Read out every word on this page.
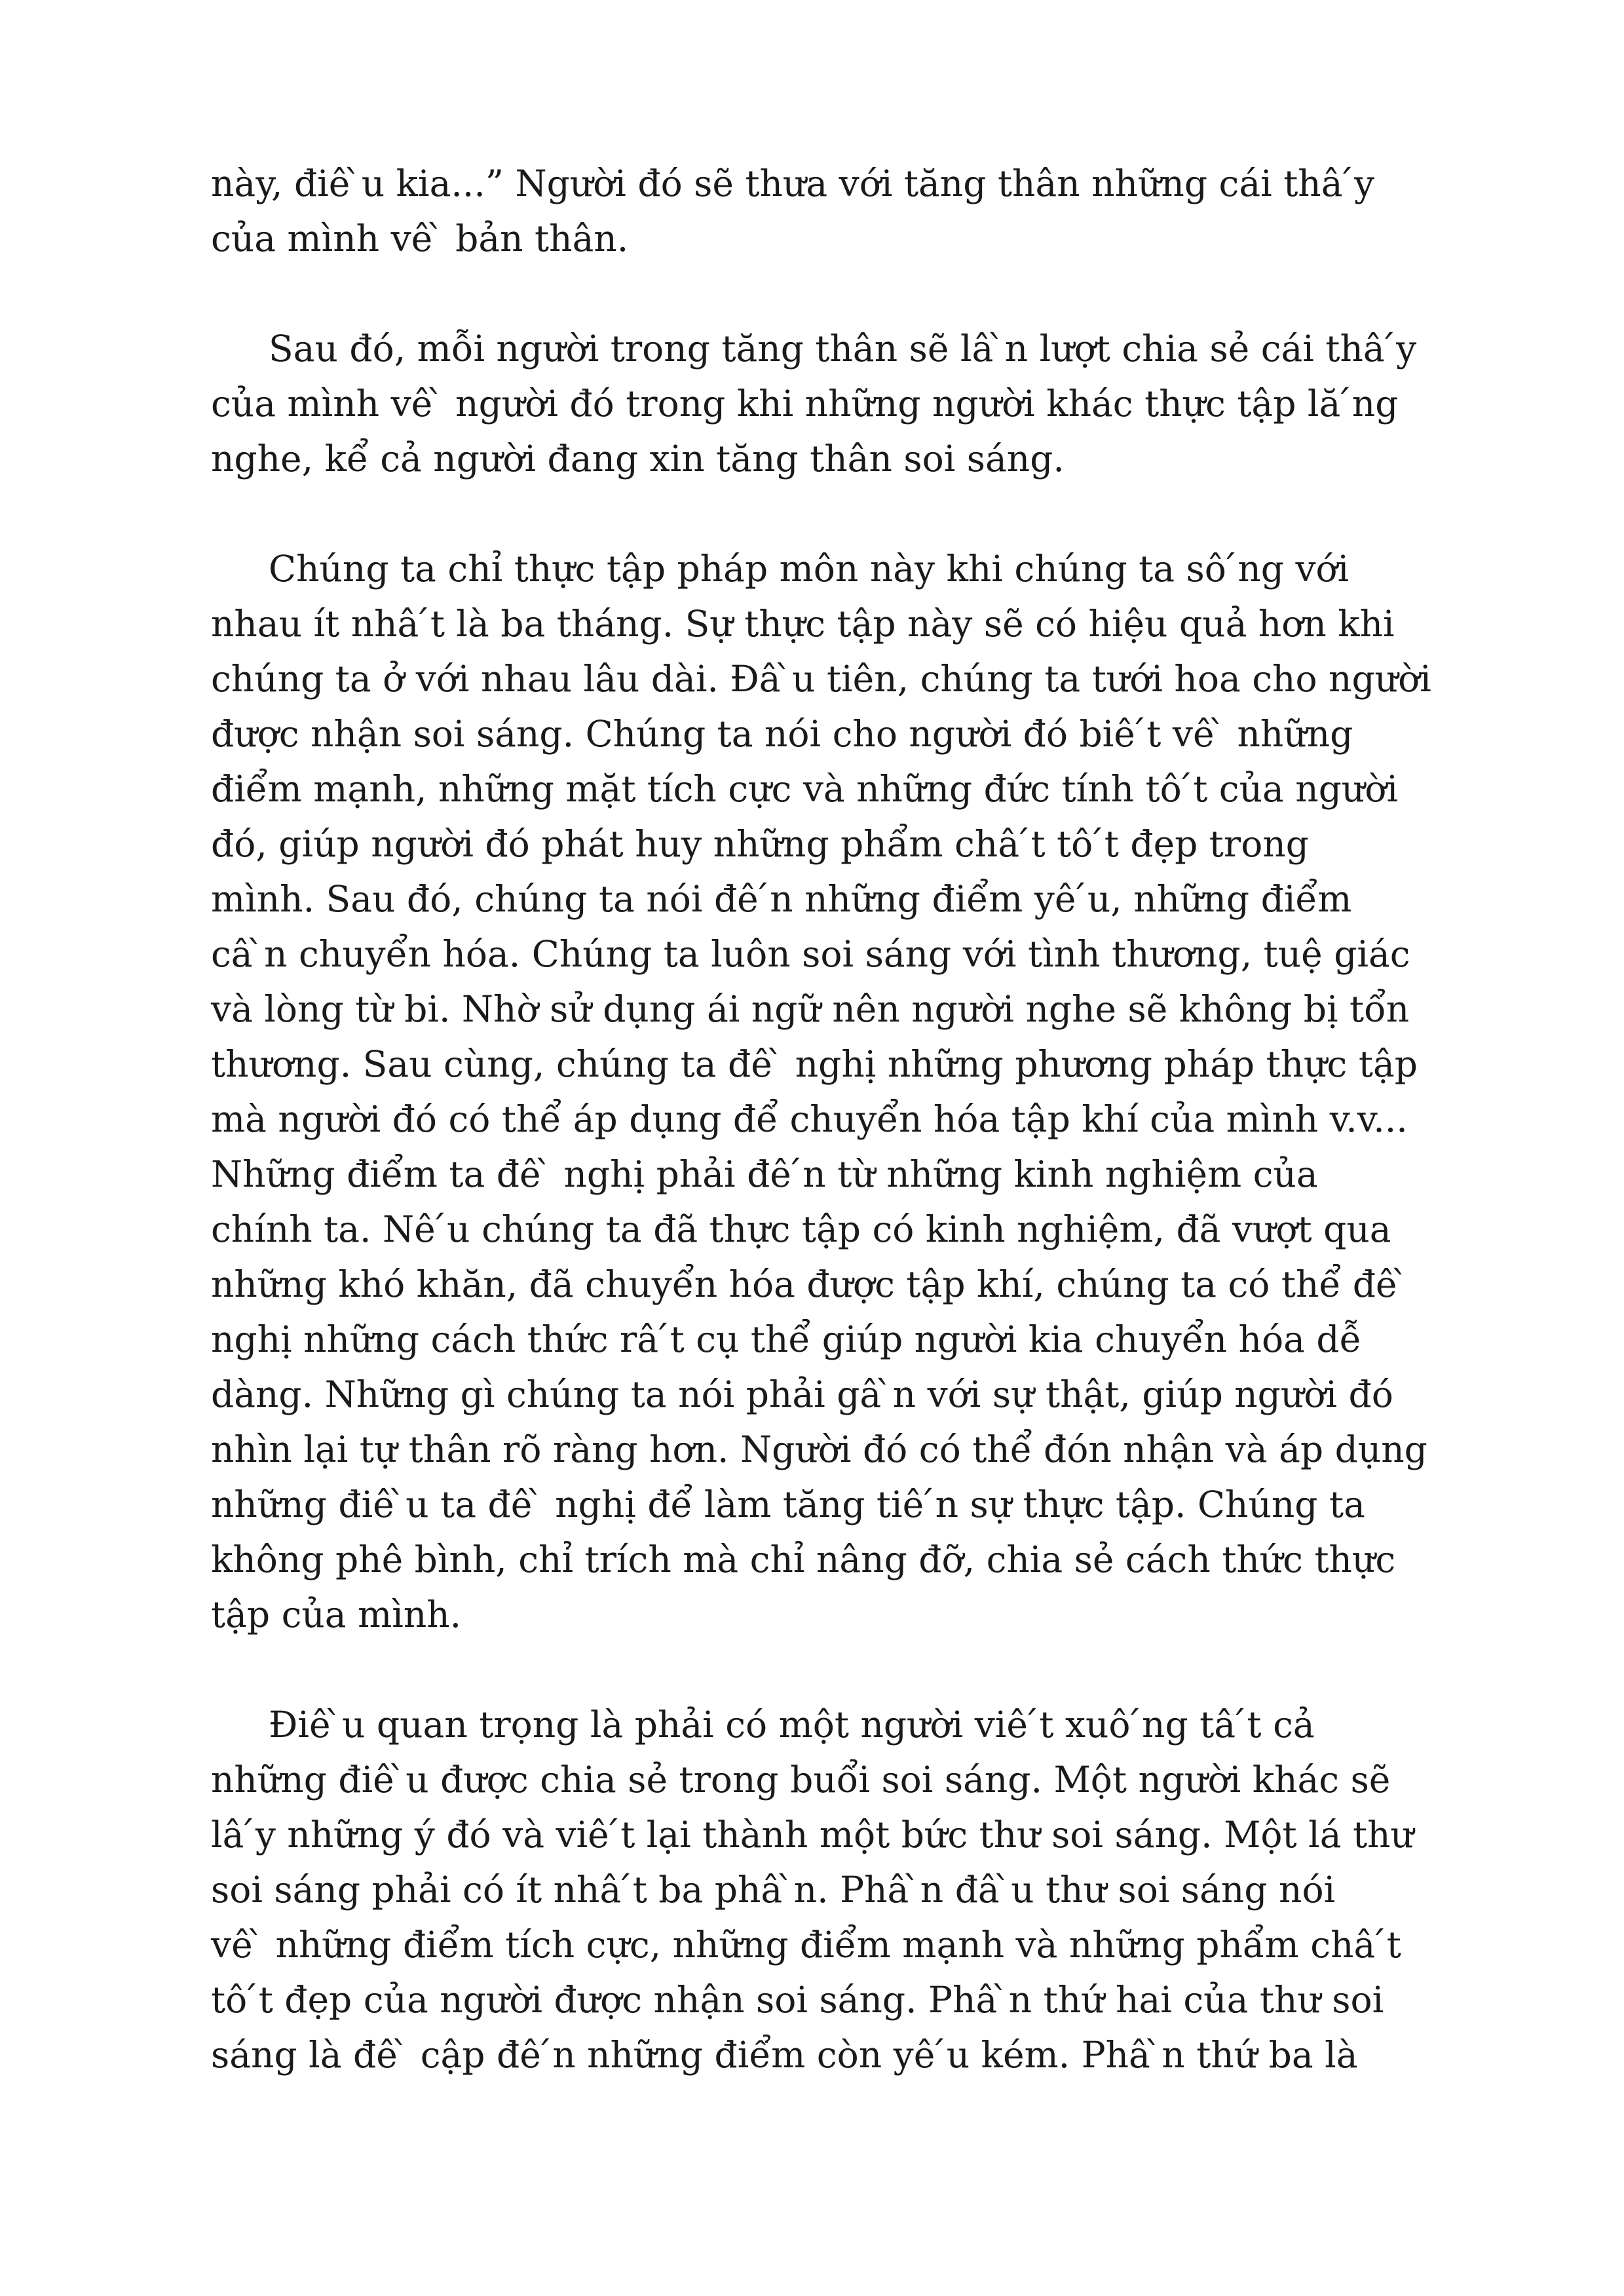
này, điê ̀u kia...” Người đó sẽ thưa với tăng thân những cái thâ ́y
của mình vê ̀ bản thân.

Sau đó, mỗi người trong tăng thân sẽ lâ ̀n lượt chia sẻ cái thâ ́y
của mình vê ̀ người đó trong khi những người khác thực tập lă ́ng
nghe, kể cả người đang xin tăng thân soi sáng.

Chúng ta chỉ thực tập pháp môn này khi chúng ta sô ́ng với
nhau ít nhâ ́t là ba tháng. Sự thực tập này sẽ có hiệu quả hơn khi
chúng ta ở với nhau lâu dài. Đâ ̀u tiên, chúng ta tưới hoa cho người
được nhận soi sáng. Chúng ta nói cho người đó biê ́t vê ̀ những
điểm mạnh, những mặt tích cực và những đức tính tô ́t của người
đó, giúp người đó phát huy những phẩm châ ́t tô ́t đẹp trong
mình. Sau đó, chúng ta nói đê ́n những điểm yê ́u, những điểm
câ ̀n chuyển hóa. Chúng ta luôn soi sáng với tình thương, tuệ giác
và lòng từ bi. Nhờ sử dụng ái ngữ nên người nghe sẽ không bị tổn
thương. Sau cùng, chúng ta đê ̀ nghị những phương pháp thực tập
mà người đó có thể áp dụng để chuyển hóa tập khí của mình v.v...
Những điểm ta đê ̀ nghị phải đê ́n từ những kinh nghiệm của
chính ta. Nê ́u chúng ta đã thực tập có kinh nghiệm, đã vượt qua
những khó khăn, đã chuyển hóa được tập khí, chúng ta có thể đê ̀
nghị những cách thức râ ́t cụ thể giúp người kia chuyển hóa dễ
dàng. Những gì chúng ta nói phải gâ ̀n với sự thật, giúp người đó
nhìn lại tự thân rõ ràng hơn. Người đó có thể đón nhận và áp dụng
những điê ̀u ta đê ̀ nghị để làm tăng tiê ́n sự thực tập. Chúng ta
không phê bình, chỉ trích mà chỉ nâng đỡ, chia sẻ cách thức thực
tập của mình.

Điê ̀u quan trọng là phải có một người viê ́t xuô ́ng tâ ́t cả
những điê ̀u được chia sẻ trong buổi soi sáng. Một người khác sẽ
lâ ́y những ý đó và viê ́t lại thành một bức thư soi sáng. Một lá thư
soi sáng phải có ít nhâ ́t ba phâ ̀n. Phâ ̀n đâ ̀u thư soi sáng nói
vê ̀ những điểm tích cực, những điểm mạnh và những phẩm châ ́t
tô ́t đẹp của người được nhận soi sáng. Phâ ̀n thứ hai của thư soi
sáng là đê ̀ cập đê ́n những điểm còn yê ́u kém. Phâ ̀n thứ ba là
